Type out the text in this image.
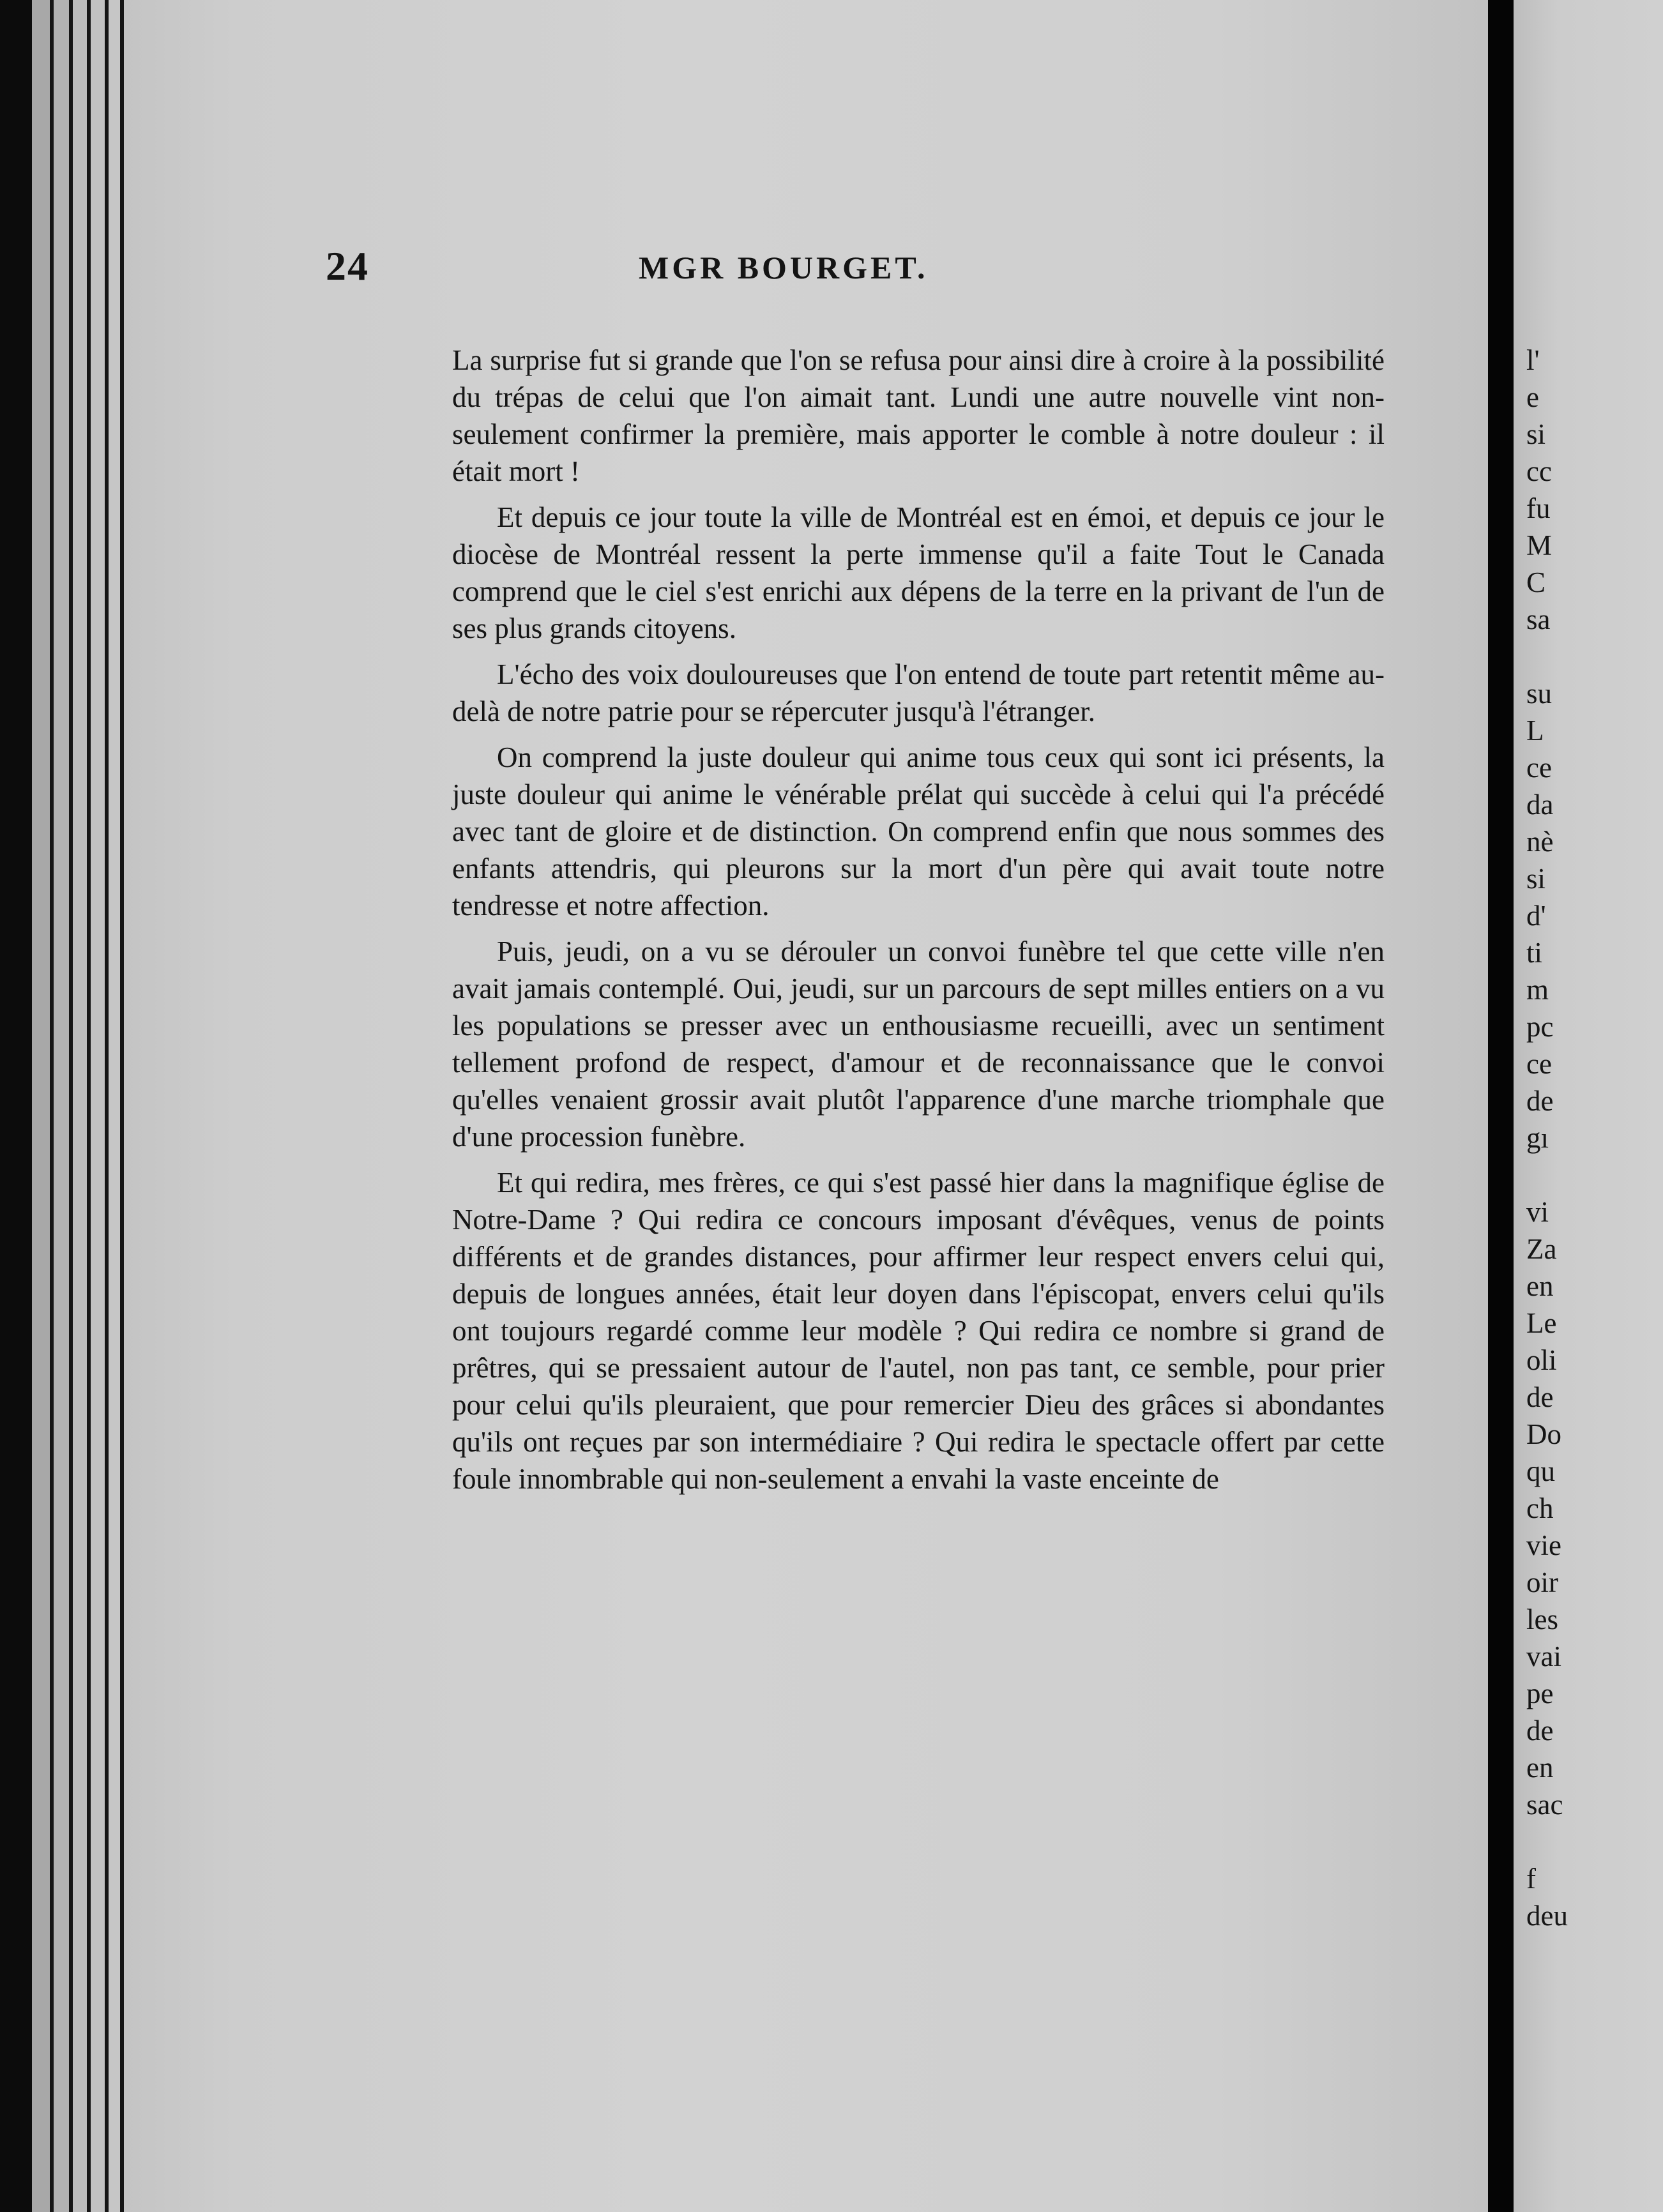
24	MGR BOURGET.

La surprise fut si grande que l'on se refusa pour ainsi dire à croire à la possibilité du trépas de celui que l'on aimait tant. Lundi une autre nouvelle vint non-seulement confirmer la première, mais apporter le comble à notre douleur : il était mort !

Et depuis ce jour toute la ville de Montréal est en émoi, et depuis ce jour le diocèse de Montréal ressent la perte immense qu'il a faite Tout le Canada comprend que le ciel s'est enrichi aux dépens de la terre en la privant de l'un de ses plus grands citoyens.

L'écho des voix douloureuses que l'on entend de toute part retentit même au-delà de notre patrie pour se répercuter jusqu'à l'étranger.

On comprend la juste douleur qui anime tous ceux qui sont ici présents, la juste douleur qui anime le vénérable prélat qui succède à celui qui l'a précédé avec tant de gloire et de distinction. On comprend enfin que nous sommes des enfants attendris, qui pleurons sur la mort d'un père qui avait toute notre tendresse et notre affection.

Puis, jeudi, on a vu se dérouler un convoi funèbre tel que cette ville n'en avait jamais contemplé. Oui, jeudi, sur un parcours de sept milles entiers on a vu les populations se presser avec un enthousiasme recueilli, avec un sentiment tellement profond de respect, d'amour et de reconnaissance que le convoi qu'elles venaient grossir avait plutôt l'apparence d'une marche triomphale que d'une procession funèbre.

Et qui redira, mes frères, ce qui s'est passé hier dans la magnifique église de Notre-Dame ? Qui redira ce concours imposant d'évêques, venus de points différents et de grandes distances, pour affirmer leur respect envers celui qui, depuis de longues années, était leur doyen dans l'épiscopat, envers celui qu'ils ont toujours regardé comme leur modèle ? Qui redira ce nombre si grand de prêtres, qui se pressaient autour de l'autel, non pas tant, ce semble, pour prier pour celui qu'ils pleuraient, que pour remercier Dieu des grâces si abondantes qu'ils ont reçues par son intermédiaire ? Qui redira le spectacle offert par cette foule innombrable qui non-seulement a envahi la vaste enceinte de

l'
e
si
cc
fu
M
C
sa
su
L
ce
da
nè
si
d'
ti
m
pc
ce
de
gı
vi
Za
en
Le
oli
de
Do
qu
ch
vie
oir
les
vai
pe
de
en
sac
f
deu
